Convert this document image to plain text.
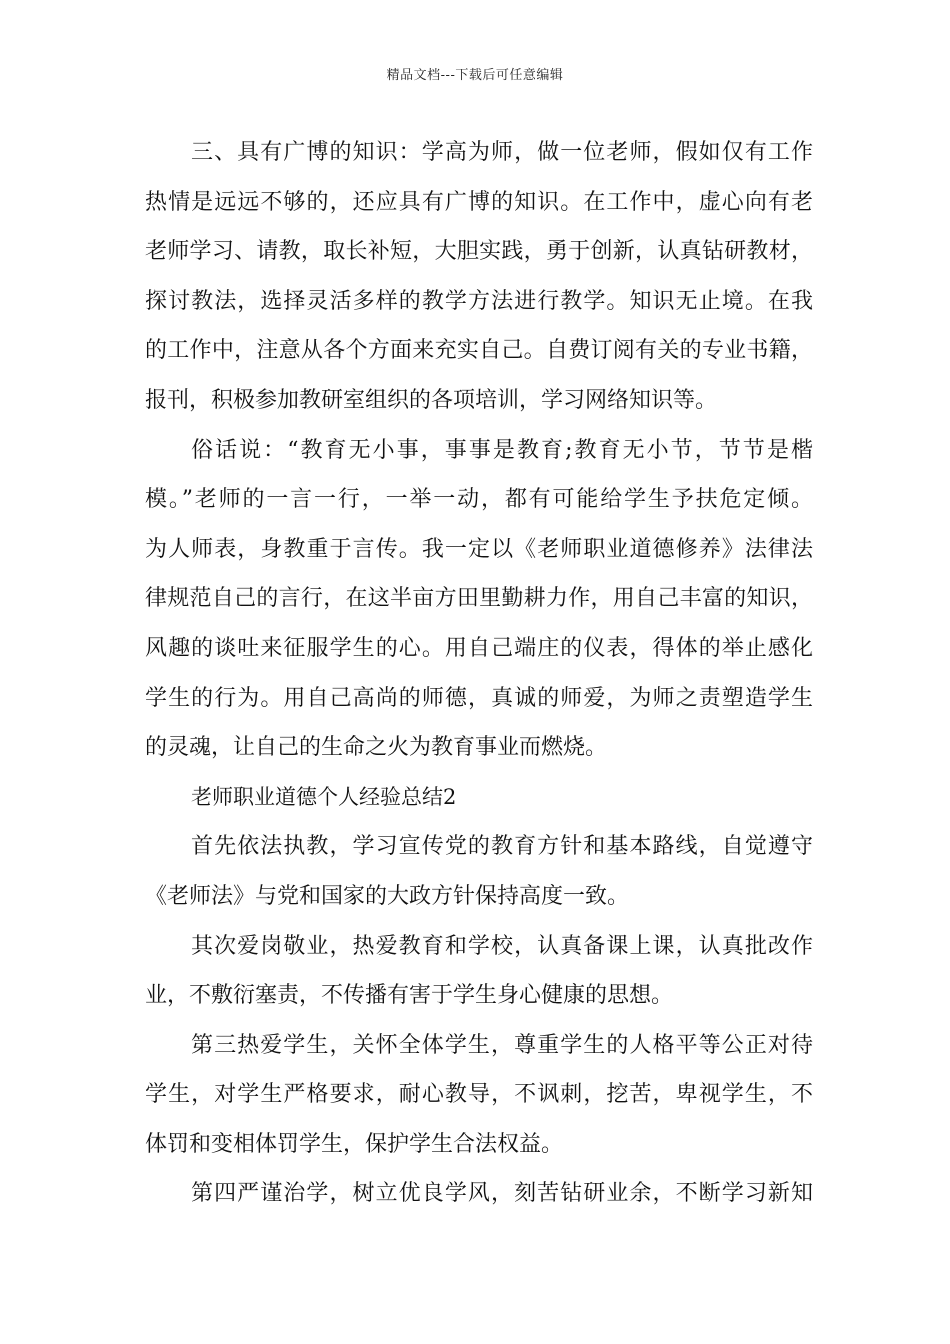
精品文档---下载后可任意编辑
三、具有广博的知识：学高为师，做一位老师，假如仅有工作
热情是远远不够的，还应具有广博的知识。在工作中，虚心向有老
老师学习、请教，取长补短，大胆实践，勇于创新，认真钻研教材，
探讨教法，选择灵活多样的教学方法进行教学。知识无止境。在我
的工作中，注意从各个方面来充实自己。自费订阅有关的专业书籍，
报刊，积极参加教研室组织的各项培训，学习网络知识等。
俗话说：“教育无小事，事事是教育;教育无小节，节节是楷
模。”老师的一言一行，一举一动，都有可能给学生予扶危定倾。
为人师表，身教重于言传。我一定以《老师职业道德修养》法律法
律规范自己的言行，在这半亩方田里勤耕力作，用自己丰富的知识，
风趣的谈吐来征服学生的心。用自己端庄的仪表，得体的举止感化
学生的行为。用自己高尚的师德，真诚的师爱，为师之责塑造学生
的灵魂，让自己的生命之火为教育事业而燃烧。
老师职业道德个人经验总结2
首先依法执教，学习宣传党的教育方针和基本路线，自觉遵守
《老师法》与党和国家的大政方针保持高度一致。
其次爱岗敬业，热爱教育和学校，认真备课上课，认真批改作
业，不敷衍塞责，不传播有害于学生身心健康的思想。
第三热爱学生，关怀全体学生，尊重学生的人格平等公正对待
学生，对学生严格要求，耐心教导，不讽刺，挖苦，卑视学生，不
体罚和变相体罚学生，保护学生合法权益。
第四严谨治学，树立优良学风，刻苦钻研业余，不断学习新知
